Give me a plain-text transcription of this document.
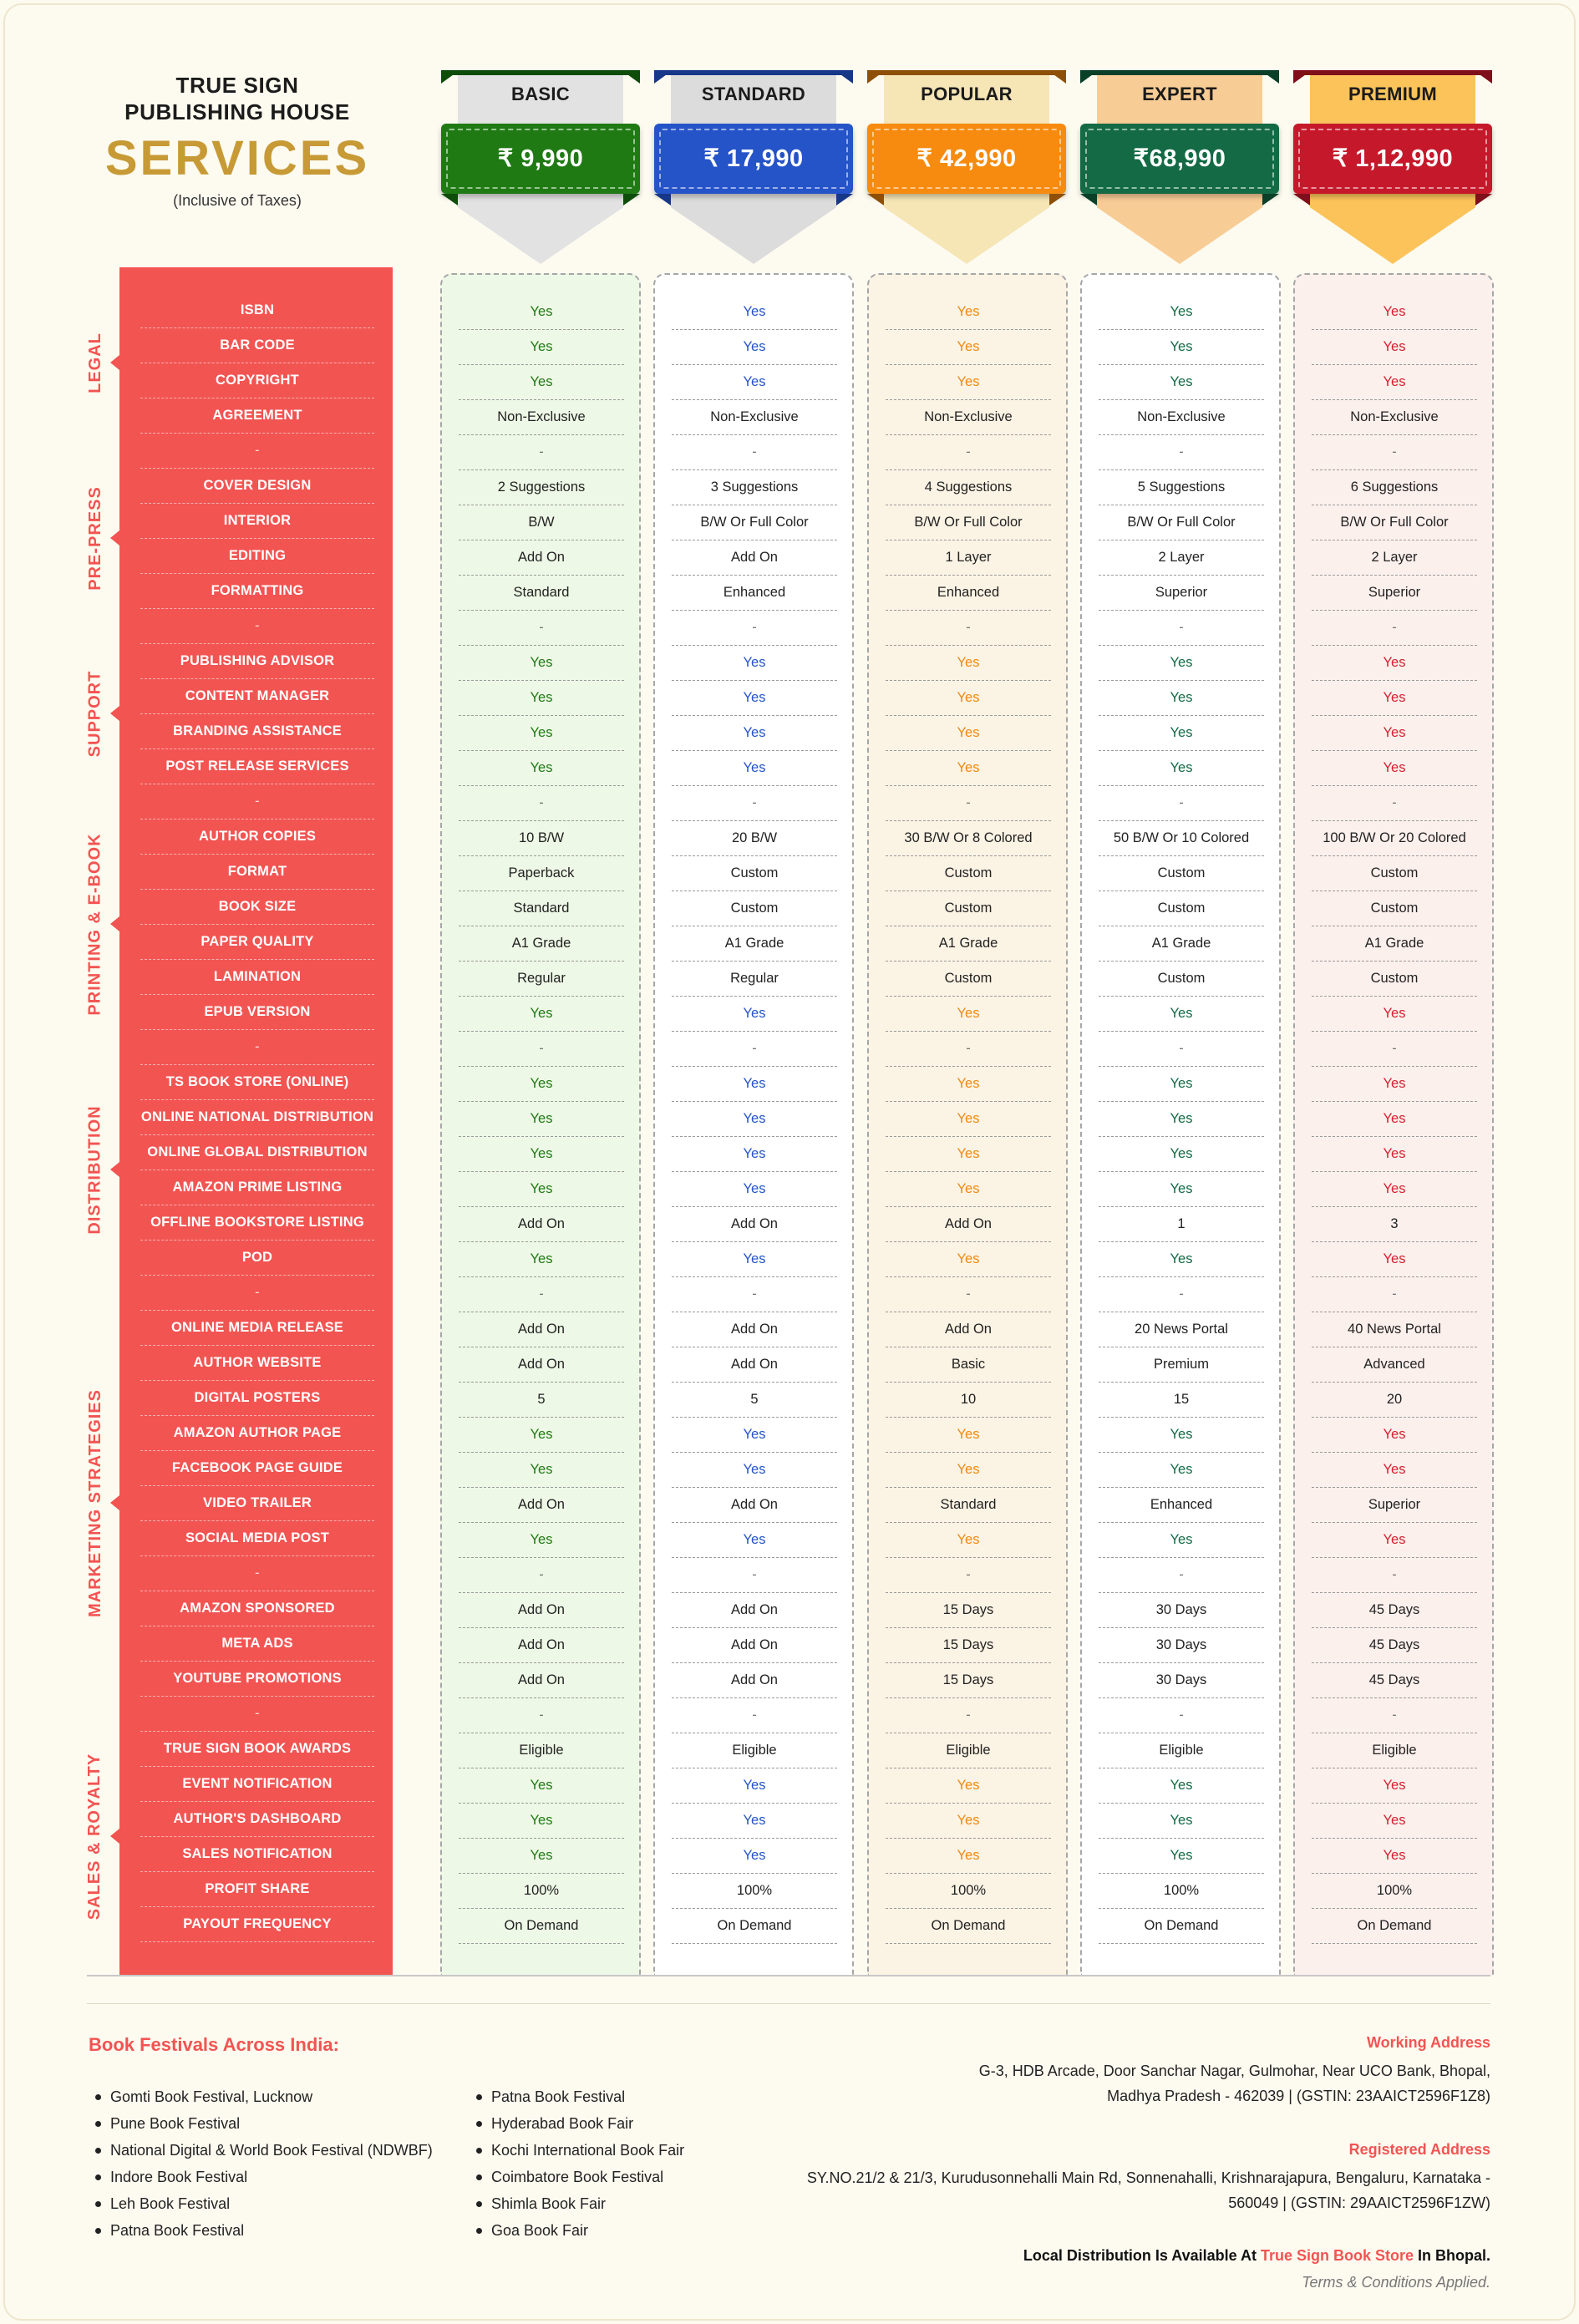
TRUE SIGN
PUBLISHING HOUSE
SERVICES
(Inclusive of Taxes)
BASIC
₹ 9,990
STANDARD
₹ 17,990
POPULAR
₹ 42,990
EXPERT
₹68,990
PREMIUM
₹ 1,12,990
ISBN
BAR CODE
COPYRIGHT
AGREEMENT
-
COVER DESIGN
INTERIOR
EDITING
FORMATTING
-
PUBLISHING ADVISOR
CONTENT MANAGER
BRANDING ASSISTANCE
POST RELEASE SERVICES
-
AUTHOR COPIES
FORMAT
BOOK SIZE
PAPER QUALITY
LAMINATION
EPUB VERSION
-
TS BOOK STORE (ONLINE)
ONLINE NATIONAL DISTRIBUTION
ONLINE GLOBAL DISTRIBUTION
AMAZON PRIME LISTING
OFFLINE BOOKSTORE LISTING
POD
-
ONLINE MEDIA RELEASE
AUTHOR WEBSITE
DIGITAL POSTERS
AMAZON AUTHOR PAGE
FACEBOOK PAGE GUIDE
VIDEO TRAILER
SOCIAL MEDIA POST
-
AMAZON SPONSORED
META ADS
YOUTUBE PROMOTIONS
-
TRUE SIGN BOOK AWARDS
EVENT NOTIFICATION
AUTHOR'S DASHBOARD
SALES NOTIFICATION
PROFIT SHARE
PAYOUT FREQUENCY
LEGAL
PRE-PRESS
SUPPORT
PRINTING & E-BOOK
DISTRIBUTION
MARKETING STRATEGIES
SALES & ROYALTY
Yes
Yes
Yes
Non-Exclusive
-
2 Suggestions
B/W
Add On
Standard
-
Yes
Yes
Yes
Yes
-
10 B/W
Paperback
Standard
A1 Grade
Regular
Yes
-
Yes
Yes
Yes
Yes
Add On
Yes
-
Add On
Add On
5
Yes
Yes
Add On
Yes
-
Add On
Add On
Add On
-
Eligible
Yes
Yes
Yes
100%
On Demand
Yes
Yes
Yes
Non-Exclusive
-
3 Suggestions
B/W Or Full Color
Add On
Enhanced
-
Yes
Yes
Yes
Yes
-
20 B/W
Custom
Custom
A1 Grade
Regular
Yes
-
Yes
Yes
Yes
Yes
Add On
Yes
-
Add On
Add On
5
Yes
Yes
Add On
Yes
-
Add On
Add On
Add On
-
Eligible
Yes
Yes
Yes
100%
On Demand
Yes
Yes
Yes
Non-Exclusive
-
4 Suggestions
B/W Or Full Color
1 Layer
Enhanced
-
Yes
Yes
Yes
Yes
-
30 B/W Or 8 Colored
Custom
Custom
A1 Grade
Custom
Yes
-
Yes
Yes
Yes
Yes
Add On
Yes
-
Add On
Basic
10
Yes
Yes
Standard
Yes
-
15 Days
15 Days
15 Days
-
Eligible
Yes
Yes
Yes
100%
On Demand
Yes
Yes
Yes
Non-Exclusive
-
5 Suggestions
B/W Or Full Color
2 Layer
Superior
-
Yes
Yes
Yes
Yes
-
50 B/W Or 10 Colored
Custom
Custom
A1 Grade
Custom
Yes
-
Yes
Yes
Yes
Yes
1
Yes
-
20 News Portal
Premium
15
Yes
Yes
Enhanced
Yes
-
30 Days
30 Days
30 Days
-
Eligible
Yes
Yes
Yes
100%
On Demand
Yes
Yes
Yes
Non-Exclusive
-
6 Suggestions
B/W Or Full Color
2 Layer
Superior
-
Yes
Yes
Yes
Yes
-
100 B/W Or 20 Colored
Custom
Custom
A1 Grade
Custom
Yes
-
Yes
Yes
Yes
Yes
3
Yes
-
40 News Portal
Advanced
20
Yes
Yes
Superior
Yes
-
45 Days
45 Days
45 Days
-
Eligible
Yes
Yes
Yes
100%
On Demand
Book Festivals Across India:
Gomti Book Festival, Lucknow
Pune Book Festival
National Digital & World Book Festival (NDWBF)
Indore Book Festival
Leh Book Festival
Patna Book Festival
Patna Book Festival
Hyderabad Book Fair
Kochi International Book Fair
Coimbatore Book Festival
Shimla Book Fair
Goa Book Fair
Working Address
G-3, HDB Arcade, Door Sanchar Nagar, Gulmohar, Near UCO Bank, Bhopal,
Madhya Pradesh - 462039 | (GSTIN: 23AAICT2596F1Z8)
Registered Address
SY.NO.21/2 & 21/3, Kurudusonnehalli Main Rd, Sonnenahalli, Krishnarajapura, Bengaluru, Karnataka -
560049 | (GSTIN: 29AAICT2596F1ZW)
Local Distribution Is Available At True Sign Book Store In Bhopal.
Terms & Conditions Applied.
